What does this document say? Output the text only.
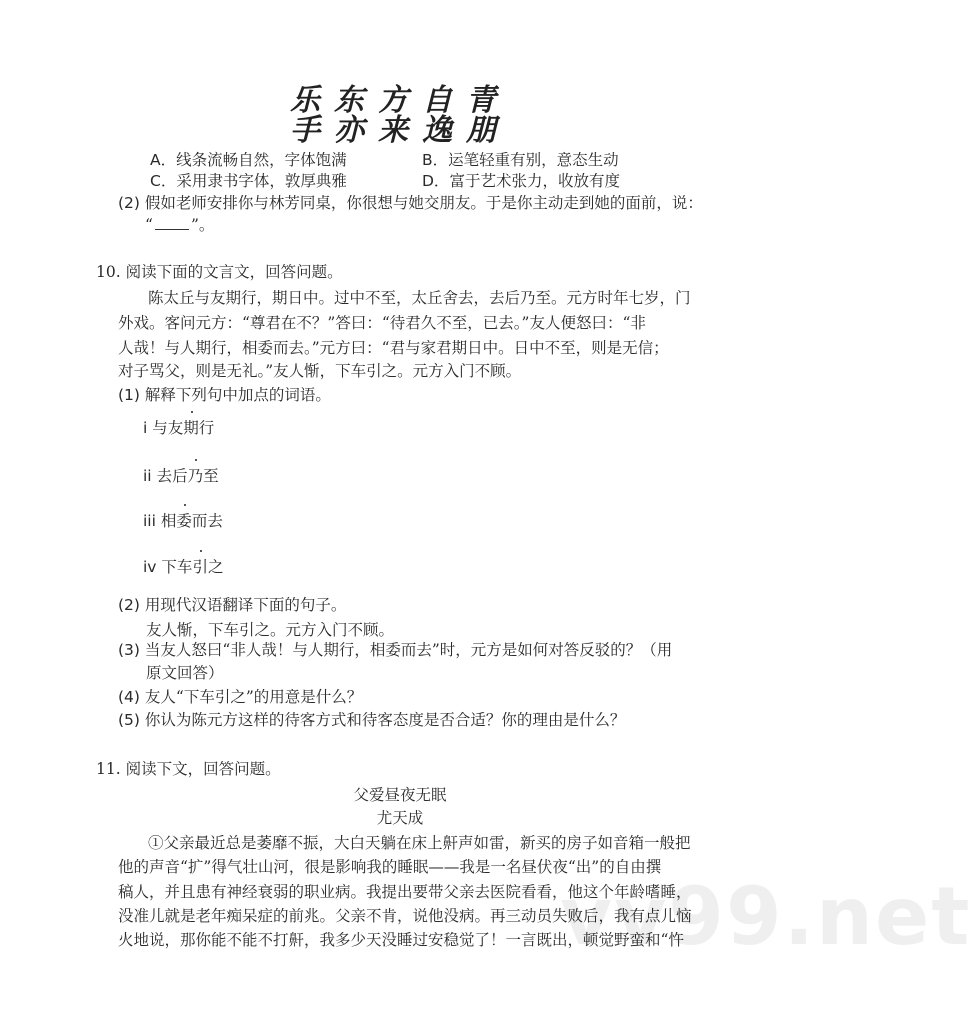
乐东方自青
手亦来逸朋
A．线条流畅自然，字体饱满	B．运笔轻重有别，意态生动
C．采用隶书字体，敦厚典雅	D．富于艺术张力，收放有度
(2) 假如老师安排你与林芳同桌，你很想与她交朋友。于是你主动走到她的面前，说：
“ ”。
10. 阅读下面的文言文，回答问题。
陈太丘与友期行，期日中。过中不至，太丘舍去，去后乃至。元方时年七岁，门
外戏。客问元方：“尊君在不？”答曰：“待君久不至，已去。”友人便怒曰：“非
人哉！与人期行，相委而去。”元方曰：“君与家君期日中。日中不至，则是无信；
对子骂父，则是无礼。”友人惭，下车引之。元方入门不顾。
(1) 解释下列句中加点的词语。
i 与友期行
ii 去后乃至
iii 相委而去
iv 下车引之
(2) 用现代汉语翻译下面的句子。
友人惭，下车引之。元方入门不顾。
(3) 当友人怒曰“非人哉！与人期行，相委而去”时，元方是如何对答反驳的？（用
原文回答）
(4) 友人“下车引之”的用意是什么？
(5) 你认为陈元方这样的待客方式和待客态度是否合适？你的理由是什么？
11. 阅读下文，回答问题。
父爱昼夜无眠
尤天成
①父亲最近总是萎靡不振，大白天躺在床上鼾声如雷，新买的房子如音箱一般把
他的声音“扩”得气壮山河，很是影响我的睡眠——我是一名昼伏夜“出”的自由撰
稿人，并且患有神经衰弱的职业病。我提出要带父亲去医院看看，他这个年龄嗜睡，
没准儿就是老年痴呆症的前兆。父亲不肯，说他没病。再三动员失败后，我有点儿恼
火地说，那你能不能不打鼾，我多少天没睡过安稳觉了！一言既出，顿觉野蛮和“忤
vv99.net
